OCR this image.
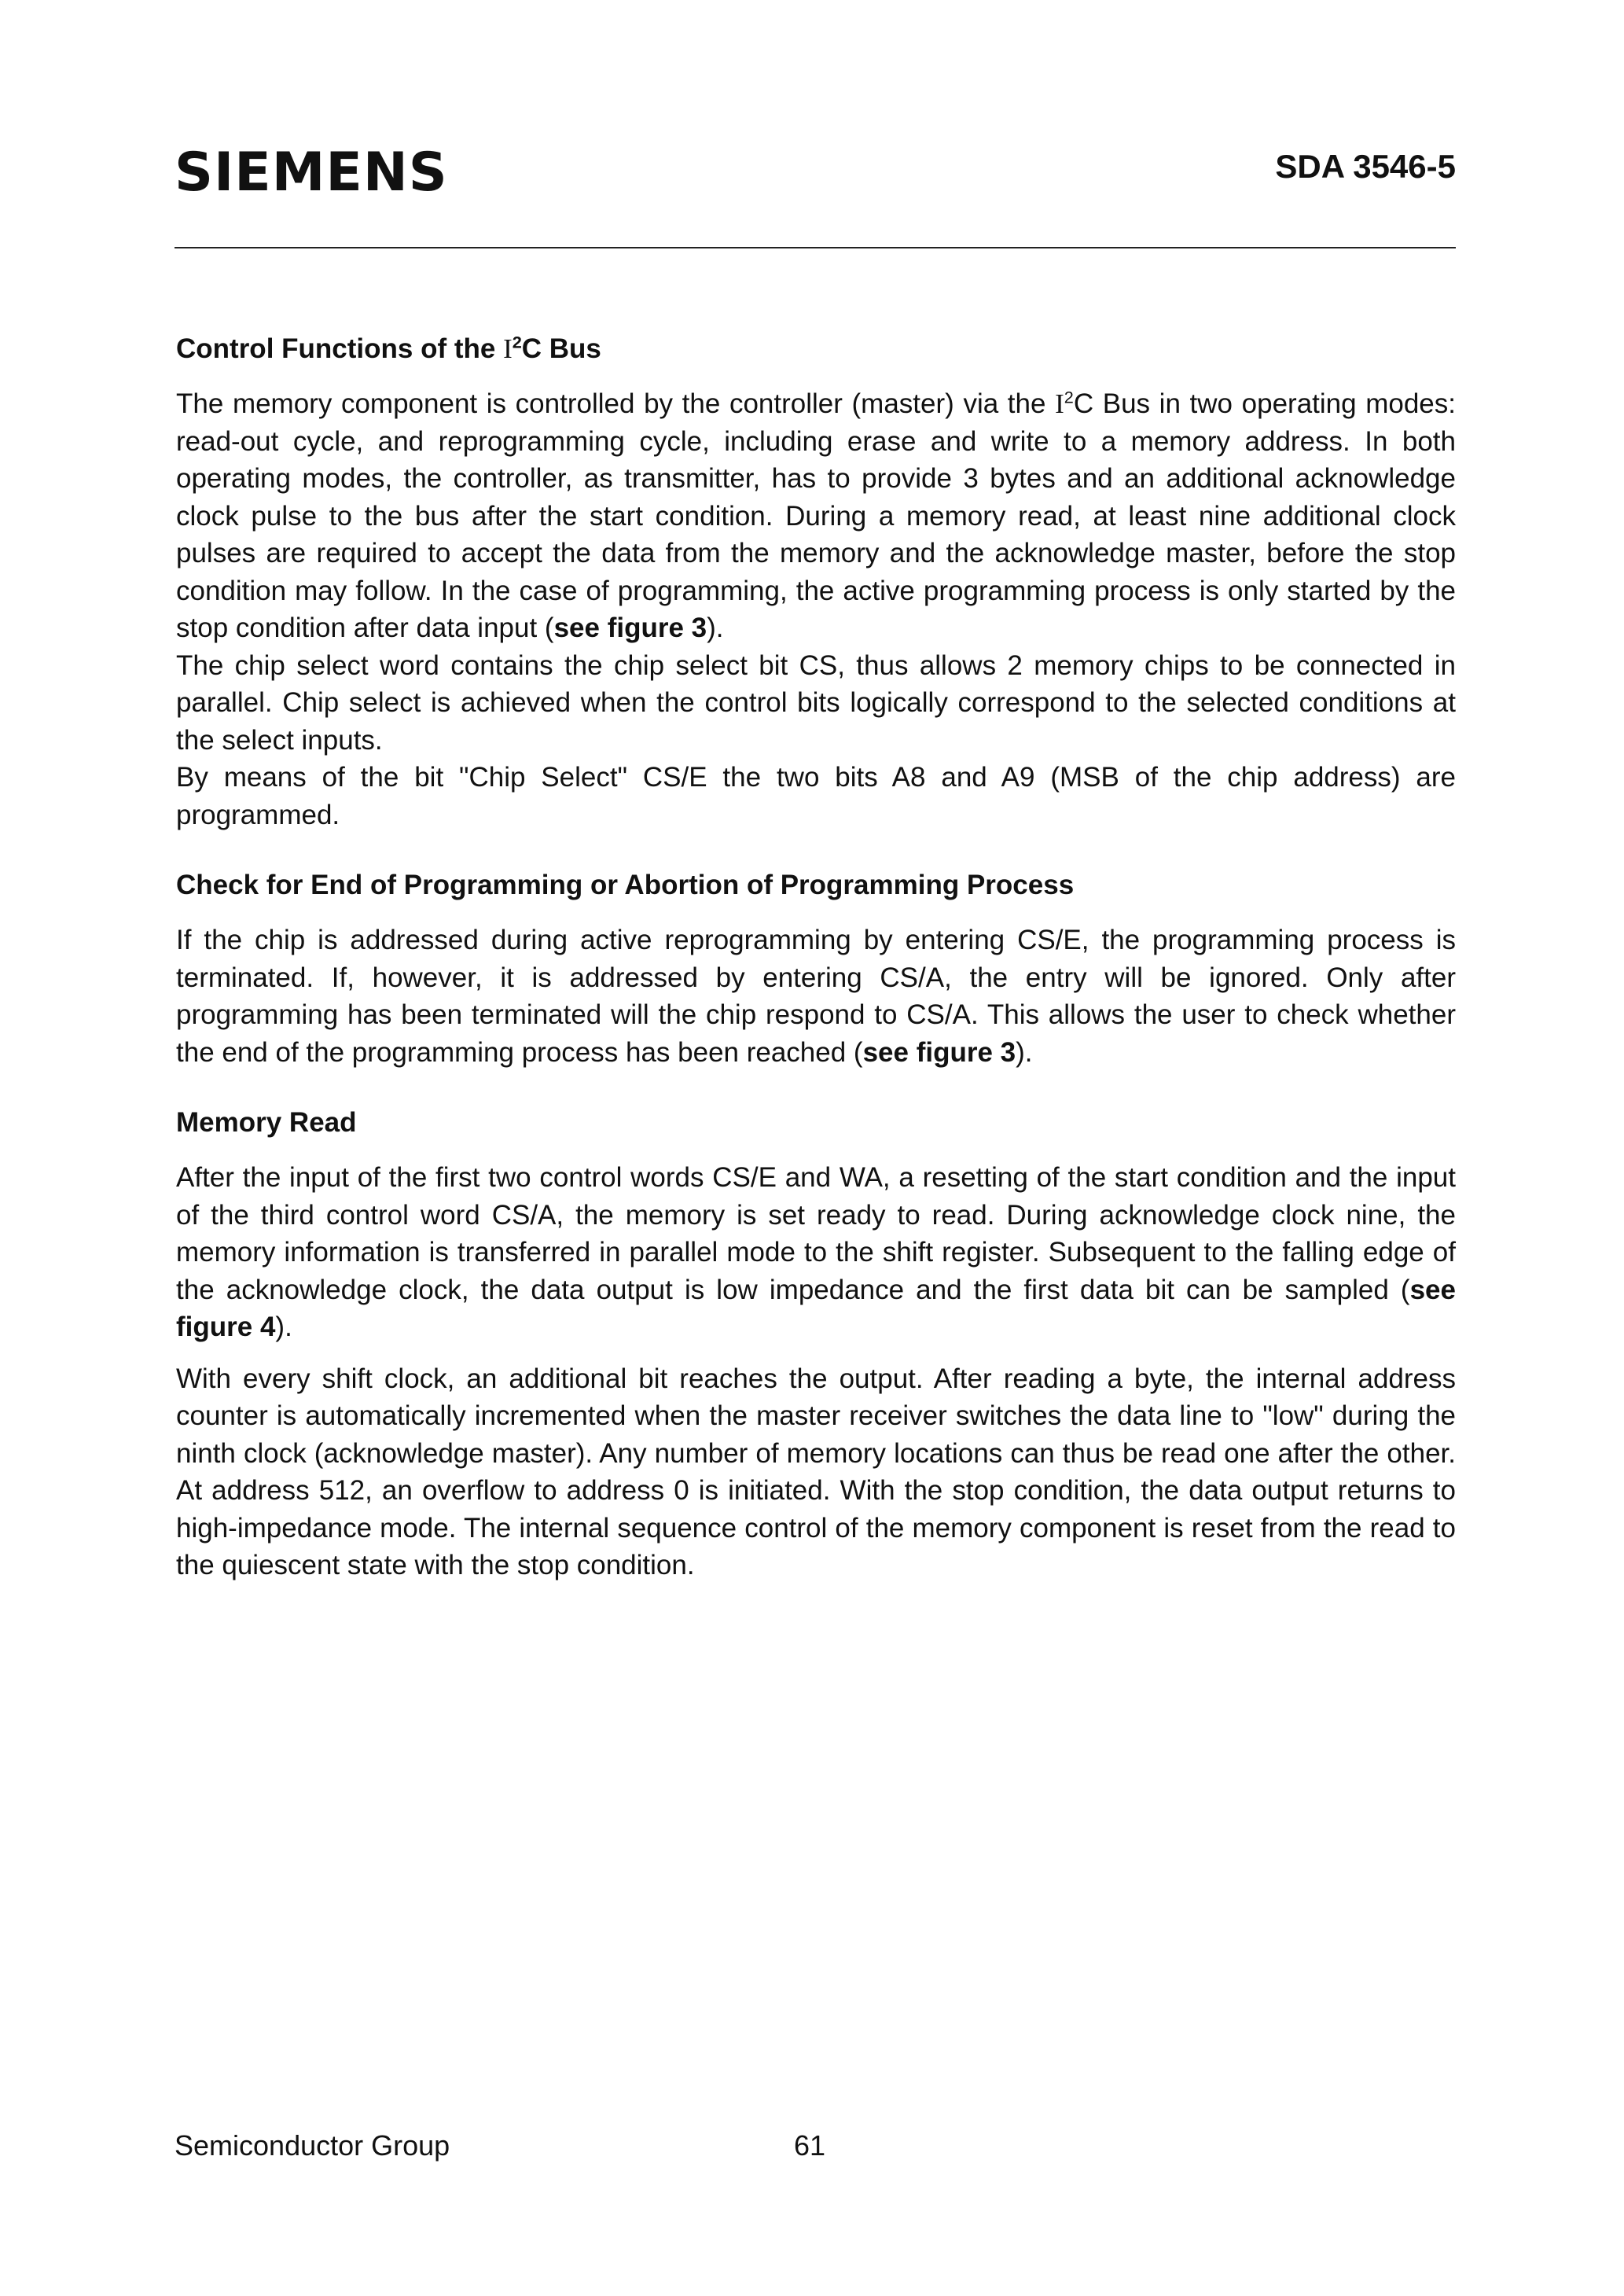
SIEMENS	SDA 3546-5
Control Functions of the $I^2C$ Bus

The memory component is controlled by the controller (master) via the $I^2C$ Bus in two operating modes: read-out cycle, and reprogramming cycle, including erase and write to a memory address. In both operating modes, the controller, as transmitter, has to provide 3 bytes and an additional acknowledge clock pulse to the bus after the start condition. During a memory read, at least nine additional clock pulses are required to accept the data from the memory and the acknowledge master, before the stop condition may follow. In the case of programming, the active programming process is only started by the stop condition after data input (see figure 3).

The chip select word contains the chip select bit CS, thus allows 2 memory chips to be connected in parallel. Chip select is achieved when the control bits logically correspond to the selected conditions at the select inputs.

By means of the bit "Chip Select" CS/E the two bits A8 and A9 (MSB of the chip address) are programmed.

Check for End of Programming or Abortion of Programming Process

If the chip is addressed during active reprogramming by entering CS/E, the programming process is terminated. If, however, it is addressed by entering CS/A, the entry will be ignored. Only after programming has been terminated will the chip respond to CS/A. This allows the user to check whether the end of the programming process has been reached (see figure 3).

Memory Read

After the input of the first two control words CS/E and WA, a resetting of the start condition and the input of the third control word CS/A, the memory is set ready to read. During acknowledge clock nine, the memory information is transferred in parallel mode to the shift register. Subsequent to the falling edge of the acknowledge clock, the data output is low impedance and the first data bit can be sampled (see figure 4).

With every shift clock, an additional bit reaches the output. After reading a byte, the internal address counter is automatically incremented when the master receiver switches the data line to "low" during the ninth clock (acknowledge master). Any number of memory locations can thus be read one after the other. At address 512, an overflow to address 0 is initiated. With the stop condition, the data output returns to high-impedance mode. The internal sequence control of the memory component is reset from the read to the quiescent state with the stop condition.

Semiconductor Group	61
